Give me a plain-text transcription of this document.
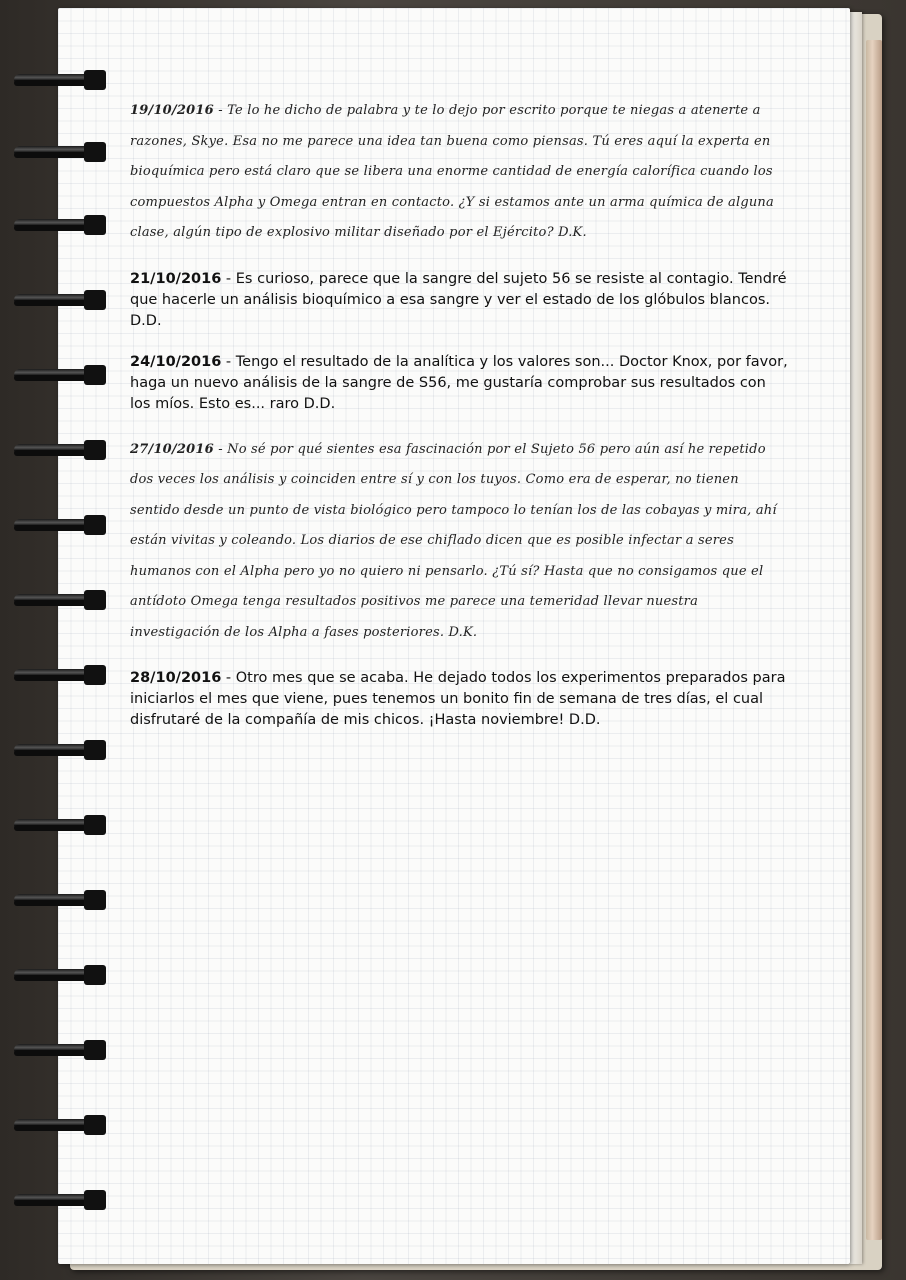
19/10/2016 - Te lo he dicho de palabra y te lo dejo por escrito porque te niegas a atenerte a razones, Skye. Esa no me parece una idea tan buena como piensas. Tú eres aquí la experta en bioquímica pero está claro que se libera una enorme cantidad de energía calorífica cuando los compuestos Alpha y Omega entran en contacto. ¿Y si estamos ante un arma química de alguna clase, algún tipo de explosivo militar diseñado por el Ejército? D.K.

21/10/2016 - Es curioso, parece que la sangre del sujeto 56 se resiste al contagio. Tendré que hacerle un análisis bioquímico a esa sangre y ver el estado de los glóbulos blancos. D.D.

24/10/2016 - Tengo el resultado de la analítica y los valores son... Doctor Knox, por favor, haga un nuevo análisis de la sangre de S56, me gustaría comprobar sus resultados con los míos. Esto es... raro D.D.

27/10/2016 - No sé por qué sientes esa fascinación por el Sujeto 56 pero aún así he repetido dos veces los análisis y coinciden entre sí y con los tuyos. Como era de esperar, no tienen sentido desde un punto de vista biológico pero tampoco lo tenían los de las cobayas y mira, ahí están vivitas y coleando. Los diarios de ese chiflado dicen que es posible infectar a seres humanos con el Alpha pero yo no quiero ni pensarlo. ¿Tú sí? Hasta que no consigamos que el antídoto Omega tenga resultados positivos me parece una temeridad llevar nuestra investigación de los Alpha a fases posteriores. D.K.

28/10/2016 - Otro mes que se acaba. He dejado todos los experimentos preparados para iniciarlos el mes que viene, pues tenemos un bonito fin de semana de tres días, el cual disfrutaré de la compañía de mis chicos. ¡Hasta noviembre! D.D.
